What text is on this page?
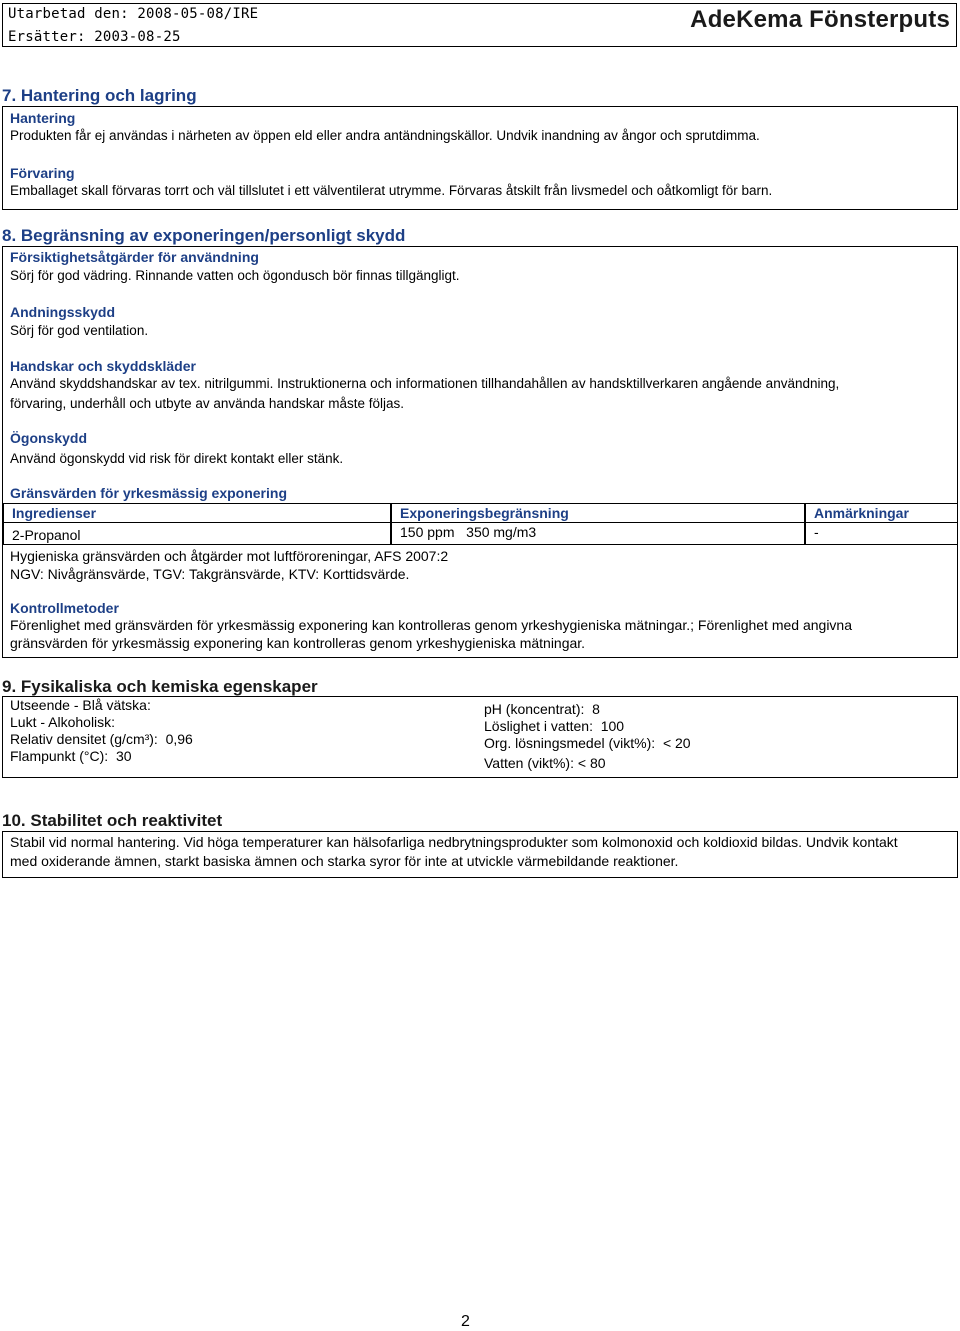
Utarbetad den: 2008-05-08/IRE
Ersätter: 2003-08-25
AdeKema Fönsterputs
7. Hantering och lagring
Hantering
Produkten får ej användas i närheten av öppen eld eller andra antändningskällor. Undvik inandning av ångor och sprutdimma.
Förvaring
Emballaget skall förvaras torrt och väl tillslutet i ett välventilerat utrymme. Förvaras åtskilt från livsmedel och oåtkomligt för barn.
8. Begränsning av exponeringen/personligt skydd
Försiktighetsåtgärder för användning
Sörj för god vädring. Rinnande vatten och ögondusch bör finnas tillgängligt.
Andningsskydd
Sörj för god ventilation.
Handskar och skyddskläder
Använd skyddshandskar av tex. nitrilgummi. Instruktionerna och informationen tillhandahållen av handsktillverkaren angående användning,
förvaring, underhåll och utbyte av använda handskar måste följas.
Ögonskydd
Använd ögonskydd vid risk för direkt kontakt eller stänk.
Gränsvärden för yrkesmässig exponering
Ingredienser	Exponeringsbegränsning	Anmärkningar
2-Propanol	150 ppm   350 mg/m3	-
Hygieniska gränsvärden och åtgärder mot luftföroreningar, AFS 2007:2
NGV: Nivågränsvärde, TGV: Takgränsvärde, KTV: Korttidsvärde.
Kontrollmetoder
Förenlighet med gränsvärden för yrkesmässig exponering kan kontrolleras genom yrkeshygieniska mätningar.; Förenlighet med angivna
gränsvärden för yrkesmässig exponering kan kontrolleras genom yrkeshygieniska mätningar.
9. Fysikaliska och kemiska egenskaper
Utseende - Blå vätska:
Lukt - Alkoholisk:
Relativ densitet (g/cm³):  0,96
Flampunkt (°C):  30
pH (koncentrat):  8
Löslighet i vatten:  100
Org. lösningsmedel (vikt%):  < 20
Vatten (vikt%): < 80
10. Stabilitet och reaktivitet
Stabil vid normal hantering. Vid höga temperaturer kan hälsofarliga nedbrytningsprodukter som kolmonoxid och koldioxid bildas. Undvik kontakt
med oxiderande ämnen, starkt basiska ämnen och starka syror för inte at utvickle värmebildande reaktioner.
2
